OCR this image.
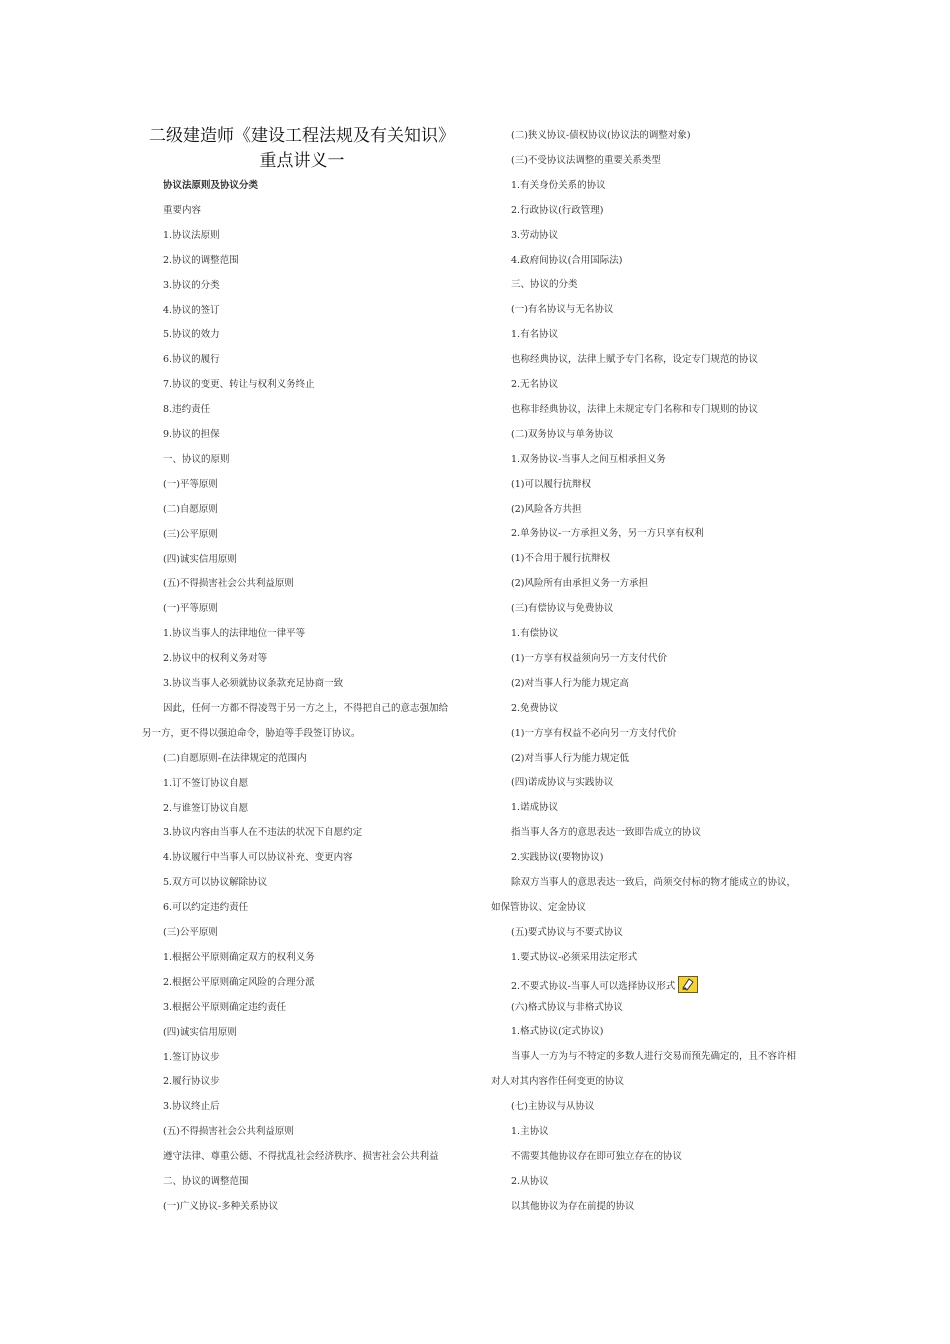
二级建造师《建设工程法规及有关知识》
重点讲义一
协议法原则及协议分类
重要内容
1.协议法原则
2.协议的调整范围
3.协议的分类
4.协议的签订
5.协议的效力
6.协议的履行
7.协议的变更、转让与权利义务终止
8.违约责任
9.协议的担保
一、协议的原则
(一)平等原则
(二)自愿原则
(三)公平原则
(四)诚实信用原则
(五)不得损害社会公共利益原则
(一)平等原则
1.协议当事人的法律地位一律平等
2.协议中的权利义务对等
3.协议当事人必须就协议条款充足协商一致
因此，任何一方都不得凌驾于另一方之上，不得把自己的意志强加给
另一方，更不得以强迫命令，胁迫等手段签订协议。
(二)自愿原则-在法律规定的范围内
1.订不签订协议自愿
2.与谁签订协议自愿
3.协议内容由当事人在不违法的状况下自愿约定
4.协议履行中当事人可以协议补充、变更内容
5.双方可以协议解除协议
6.可以约定违约责任
(三)公平原则
1.根据公平原则确定双方的权利义务
2.根据公平原则确定风险的合理分派
3.根据公平原则确定违约责任
(四)诚实信用原则
1.签订协议步
2.履行协议步
3.协议终止后
(五)不得损害社会公共利益原则
遵守法律、尊重公德、不得扰乱社会经济秩序、损害社会公共利益
二、协议的调整范围
(一)广义协议-多种关系协议
(二)狭义协议-债权协议(协议法的调整对象)
(三)不受协议法调整的重要关系类型
1.有关身份关系的协议
2.行政协议(行政管理)
3.劳动协议
4.政府间协议(合用国际法)
三、协议的分类
(一)有名协议与无名协议
1.有名协议
也称经典协议，法律上赋予专门名称，设定专门规范的协议
2.无名协议
也称非经典协议，法律上未规定专门名称和专门规则的协议
(二)双务协议与单务协议
1.双务协议-当事人之间互相承担义务
(1)可以履行抗辩权
(2)风险各方共担
2.单务协议-一方承担义务，另一方只享有权利
(1)不合用于履行抗辩权
(2)风险所有由承担义务一方承担
(三)有偿协议与免费协议
1.有偿协议
(1)一方享有权益须向另一方支付代价
(2)对当事人行为能力规定高
2.免费协议
(1)一方享有权益不必向另一方支付代价
(2)对当事人行为能力规定低
(四)诺成协议与实践协议
1.诺成协议
指当事人各方的意思表达一致即告成立的协议
2.实践协议(要物协议)
除双方当事人的意思表达一致后，尚须交付标的物才能成立的协议，
如保管协议、定金协议
(五)要式协议与不要式协议
1.要式协议-必须采用法定形式
2.不要式协议-当事人可以选择协议形式
(六)格式协议与非格式协议
1.格式协议(定式协议)
当事人一方为与不特定的多数人进行交易而预先确定的，且不容许相
对人对其内容作任何变更的协议
(七)主协议与从协议
1.主协议
不需要其他协议存在即可独立存在的协议
2.从协议
以其他协议为存在前提的协议
